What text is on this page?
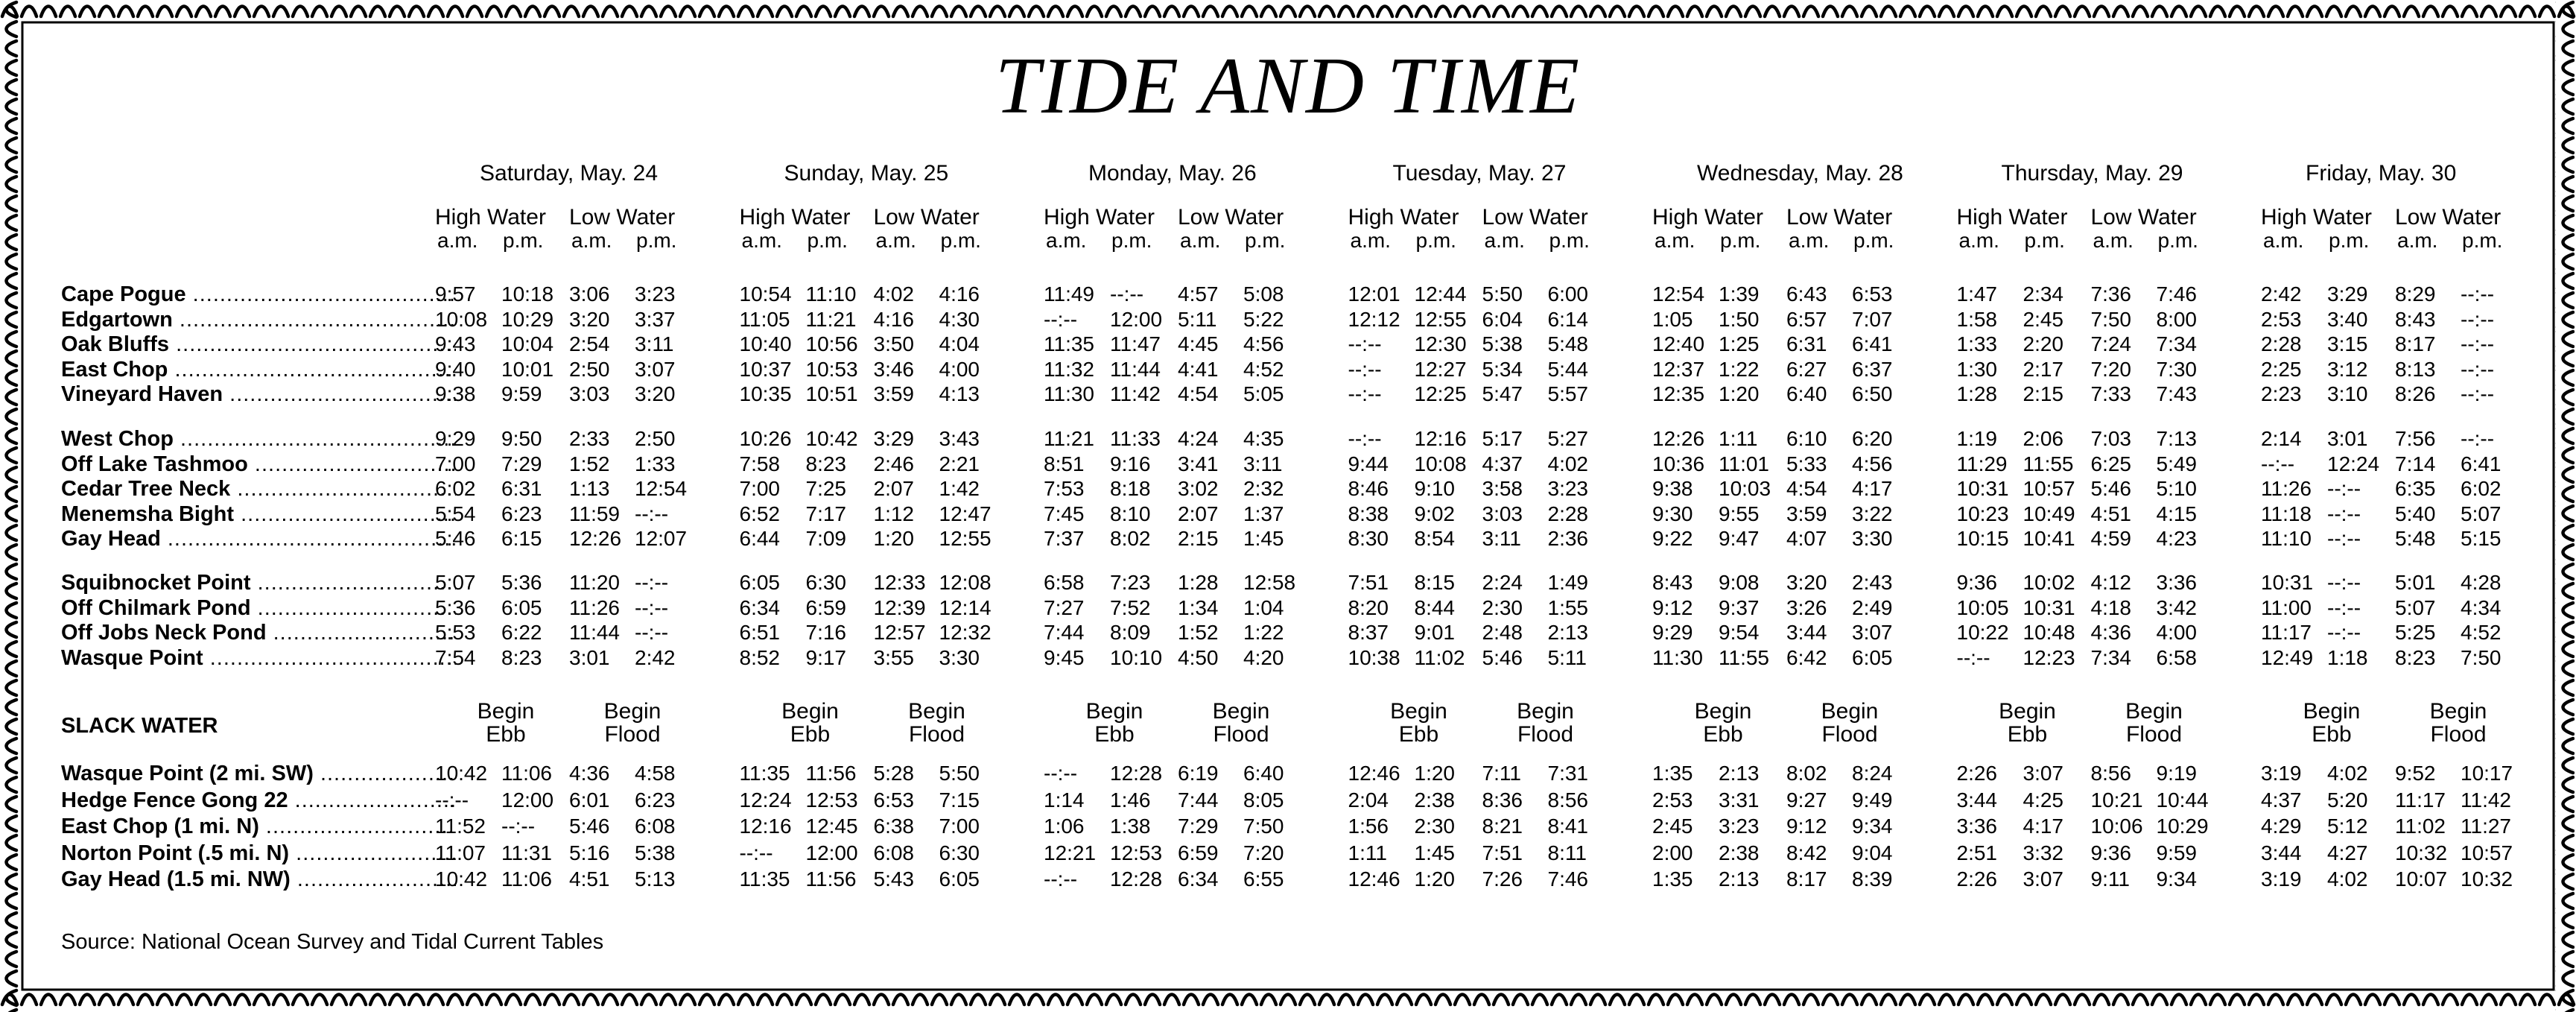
TIDE AND TIME
Saturday, May. 24
High Water Low Water
a.m. p.m. a.m. p.m.
Begin
Ebb
Begin
Flood
Sunday, May. 25
High Water Low Water
a.m. p.m. a.m. p.m.
Begin
Ebb
Begin
Flood
Monday, May. 26
High Water Low Water
a.m. p.m. a.m. p.m.
Begin
Ebb
Begin
Flood
Tuesday, May. 27
High Water Low Water
a.m. p.m. a.m. p.m.
Begin
Ebb
Begin
Flood
Wednesday, May. 28
High Water Low Water
a.m. p.m. a.m. p.m.
Begin
Ebb
Begin
Flood
Thursday, May. 29
High Water Low Water
a.m. p.m. a.m. p.m.
Begin
Ebb
Begin
Flood
Friday, May. 30
High Water Low Water
a.m. p.m. a.m. p.m.
Begin
Ebb
Begin
Flood
Cape Pogue .....	9:57 10:18 3:06 3:23	10:54 11:10 4:02 4:16	11:49 --:-- 4:57 5:08	12:01 12:44 5:50 6:00	12:54 1:39 6:43 6:53	1:47 2:34 7:36 7:46	2:42 3:29 8:29 --:--
Edgartown .....	10:08 10:29 3:20 3:37	11:05 11:21 4:16 4:30	--:-- 12:00 5:11 5:22	12:12 12:55 6:04 6:14	1:05 1:50 6:57 7:07	1:58 2:45 7:50 8:00	2:53 3:40 8:43 --:--
Oak Bluffs .....	9:43 10:04 2:54 3:11	10:40 10:56 3:50 4:04	11:35 11:47 4:45 4:56	--:-- 12:30 5:38 5:48	12:40 1:25 6:31 6:41	1:33 2:20 7:24 7:34	2:28 3:15 8:17 --:--
East Chop .....	9:40 10:01 2:50 3:07	10:37 10:53 3:46 4:00	11:32 11:44 4:41 4:52	--:-- 12:27 5:34 5:44	12:37 1:22 6:27 6:37	1:30 2:17 7:20 7:30	2:25 3:12 8:13 --:--
Vineyard Haven .....	9:38 9:59 3:03 3:20	10:35 10:51 3:59 4:13	11:30 11:42 4:54 5:05	--:-- 12:25 5:47 5:57	12:35 1:20 6:40 6:50	1:28 2:15 7:33 7:43	2:23 3:10 8:26 --:--
West Chop .....	9:29 9:50 2:33 2:50	10:26 10:42 3:29 3:43	11:21 11:33 4:24 4:35	--:-- 12:16 5:17 5:27	12:26 1:11 6:10 6:20	1:19 2:06 7:03 7:13	2:14 3:01 7:56 --:--
Off Lake Tashmoo .....	7:00 7:29 1:52 1:33	7:58 8:23 2:46 2:21	8:51 9:16 3:41 3:11	9:44 10:08 4:37 4:02	10:36 11:01 5:33 4:56	11:29 11:55 6:25 5:49	--:-- 12:24 7:14 6:41
Cedar Tree Neck .....	6:02 6:31 1:13 12:54	7:00 7:25 2:07 1:42	7:53 8:18 3:02 2:32	8:46 9:10 3:58 3:23	9:38 10:03 4:54 4:17	10:31 10:57 5:46 5:10	11:26 --:-- 6:35 6:02
Menemsha Bight .....	5:54 6:23 11:59 --:--	6:52 7:17 1:12 12:47	7:45 8:10 2:07 1:37	8:38 9:02 3:03 2:28	9:30 9:55 3:59 3:22	10:23 10:49 4:51 4:15	11:18 --:-- 5:40 5:07
Gay Head .....	5:46 6:15 12:26 12:07	6:44 7:09 1:20 12:55	7:37 8:02 2:15 1:45	8:30 8:54 3:11 2:36	9:22 9:47 4:07 3:30	10:15 10:41 4:59 4:23	11:10 --:-- 5:48 5:15
Squibnocket Point .....	5:07 5:36 11:20 --:--	6:05 6:30 12:33 12:08	6:58 7:23 1:28 12:58	7:51 8:15 2:24 1:49	8:43 9:08 3:20 2:43	9:36 10:02 4:12 3:36	10:31 --:-- 5:01 4:28
Off Chilmark Pond .....	5:36 6:05 11:26 --:--	6:34 6:59 12:39 12:14	7:27 7:52 1:34 1:04	8:20 8:44 2:30 1:55	9:12 9:37 3:26 2:49	10:05 10:31 4:18 3:42	11:00 --:-- 5:07 4:34
Off Jobs Neck Pond .....	5:53 6:22 11:44 --:--	6:51 7:16 12:57 12:32	7:44 8:09 1:52 1:22	8:37 9:01 2:48 2:13	9:29 9:54 3:44 3:07	10:22 10:48 4:36 4:00	11:17 --:-- 5:25 4:52
Wasque Point .....	7:54 8:23 3:01 2:42	8:52 9:17 3:55 3:30	9:45 10:10 4:50 4:20	10:38 11:02 5:46 5:11	11:30 11:55 6:42 6:05	--:-- 12:23 7:34 6:58	12:49 1:18 8:23 7:50
SLACK WATER
Wasque Point (2 mi. SW) .....	10:42 11:06 4:36 4:58	11:35 11:56 5:28 5:50	--:-- 12:28 6:19 6:40	12:46 1:20 7:11 7:31	1:35 2:13 8:02 8:24	2:26 3:07 8:56 9:19	3:19 4:02 9:52 10:17
Hedge Fence Gong 22 .....	--:-- 12:00 6:01 6:23	12:24 12:53 6:53 7:15	1:14 1:46 7:44 8:05	2:04 2:38 8:36 8:56	2:53 3:31 9:27 9:49	3:44 4:25 10:21 10:44	4:37 5:20 11:17 11:42
East Chop (1 mi. N) .....	11:52 --:-- 5:46 6:08	12:16 12:45 6:38 7:00	1:06 1:38 7:29 7:50	1:56 2:30 8:21 8:41	2:45 3:23 9:12 9:34	3:36 4:17 10:06 10:29	4:29 5:12 11:02 11:27
Norton Point (.5 mi. N) .....	11:07 11:31 5:16 5:38	--:-- 12:00 6:08 6:30	12:21 12:53 6:59 7:20	1:11 1:45 7:51 8:11	2:00 2:38 8:42 9:04	2:51 3:32 9:36 9:59	3:44 4:27 10:32 10:57
Gay Head (1.5 mi. NW) .....	10:42 11:06 4:51 5:13	11:35 11:56 5:43 6:05	--:-- 12:28 6:34 6:55	12:46 1:20 7:26 7:46	1:35 2:13 8:17 8:39	2:26 3:07 9:11 9:34	3:19 4:02 10:07 10:32
Source: National Ocean Survey and Tidal Current Tables
